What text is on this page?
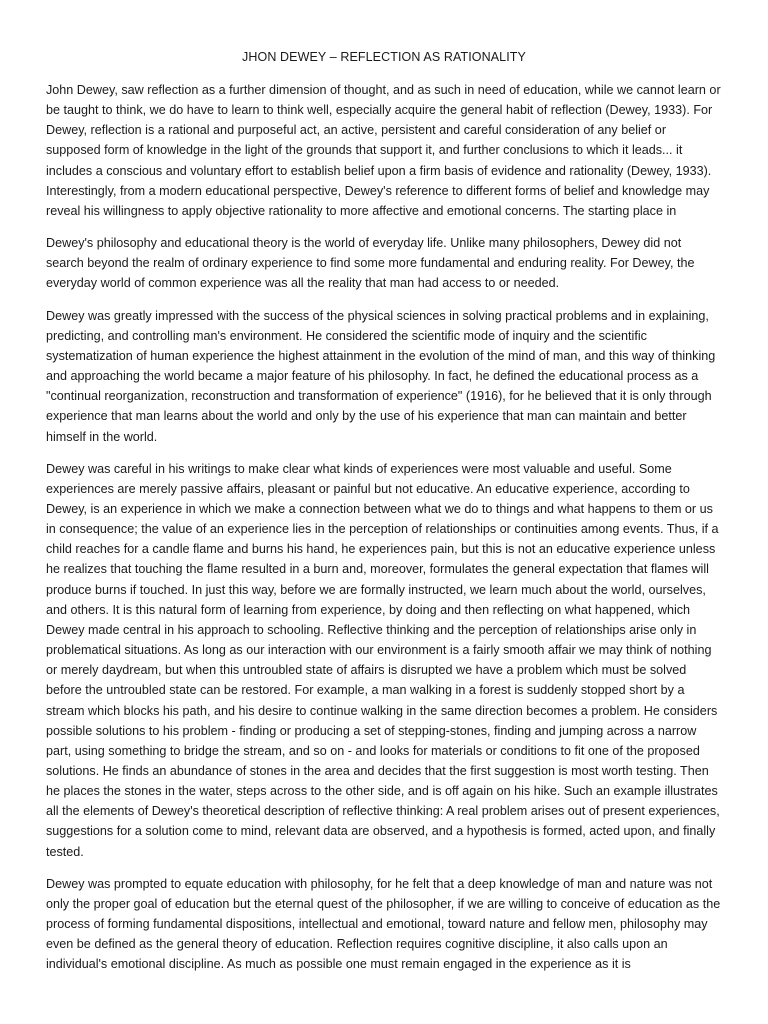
JHON DEWEY – REFLECTION AS RATIONALITY

John Dewey, saw reflection as a further dimension of thought, and as such in need of education, while we cannot learn or be taught to think, we do have to learn to think well, especially acquire the general habit of reflection (Dewey, 1933). For Dewey, reflection is a rational and purposeful act, an active, persistent and careful consideration of any belief or supposed form of knowledge in the light of the grounds that support it, and further conclusions to which it leads... it includes a conscious and voluntary effort to establish belief upon a firm basis of evidence and rationality (Dewey, 1933). Interestingly, from a modern educational perspective, Dewey's reference to different forms of belief and knowledge may reveal his willingness to apply objective rationality to more affective and emotional concerns. The starting place in

Dewey's philosophy and educational theory is the world of everyday life. Unlike many philosophers, Dewey did not search beyond the realm of ordinary experience to find some more fundamental and enduring reality. For Dewey, the everyday world of common experience was all the reality that man had access to or needed.

Dewey was greatly impressed with the success of the physical sciences in solving practical problems and in explaining, predicting, and controlling man's environment. He considered the scientific mode of inquiry and the scientific systematization of human experience the highest attainment in the evolution of the mind of man, and this way of thinking and approaching the world became a major feature of his philosophy. In fact, he defined the educational process as a "continual reorganization, reconstruction and transformation of experience" (1916), for he believed that it is only through experience that man learns about the world and only by the use of his experience that man can maintain and better himself in the world.

Dewey was careful in his writings to make clear what kinds of experiences were most valuable and useful. Some experiences are merely passive affairs, pleasant or painful but not educative. An educative experience, according to Dewey, is an experience in which we make a connection between what we do to things and what happens to them or us in consequence; the value of an experience lies in the perception of relationships or continuities among events. Thus, if a child reaches for a candle flame and burns his hand, he experiences pain, but this is not an educative experience unless he realizes that touching the flame resulted in a burn and, moreover, formulates the general expectation that flames will produce burns if touched. In just this way, before we are formally instructed, we learn much about the world, ourselves, and others. It is this natural form of learning from experience, by doing and then reflecting on what happened, which Dewey made central in his approach to schooling. Reflective thinking and the perception of relationships arise only in problematical situations. As long as our interaction with our environment is a fairly smooth affair we may think of nothing or merely daydream, but when this untroubled state of affairs is disrupted we have a problem which must be solved before the untroubled state can be restored. For example, a man walking in a forest is suddenly stopped short by a stream which blocks his path, and his desire to continue walking in the same direction becomes a problem. He considers possible solutions to his problem - finding or producing a set of stepping-stones, finding and jumping across a narrow part, using something to bridge the stream, and so on - and looks for materials or conditions to fit one of the proposed solutions. He finds an abundance of stones in the area and decides that the first suggestion is most worth testing. Then he places the stones in the water, steps across to the other side, and is off again on his hike. Such an example illustrates all the elements of Dewey's theoretical description of reflective thinking: A real problem arises out of present experiences, suggestions for a solution come to mind, relevant data are observed, and a hypothesis is formed, acted upon, and finally tested.

Dewey was prompted to equate education with philosophy, for he felt that a deep knowledge of man and nature was not only the proper goal of education but the eternal quest of the philosopher, if we are willing to conceive of education as the process of forming fundamental dispositions, intellectual and emotional, toward nature and fellow men, philosophy may even be defined as the general theory of education. Reflection requires cognitive discipline, it also calls upon an individual's emotional discipline. As much as possible one must remain engaged in the experience as it is
